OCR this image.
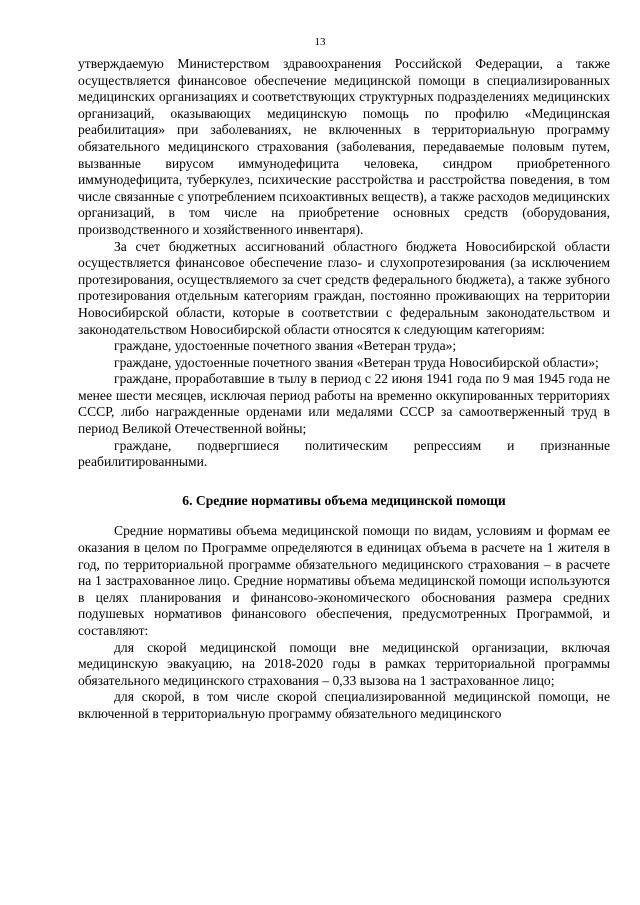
13

утверждаемую Министерством здравоохранения Российской Федерации, а также осуществляется финансовое обеспечение медицинской помощи в специализированных медицинских организациях и соответствующих структурных подразделениях медицинских организаций, оказывающих медицинскую помощь по профилю «Медицинская реабилитация» при заболеваниях, не включенных в территориальную программу обязательного медицинского страхования (заболевания, передаваемые половым путем, вызванные вирусом иммунодефицита человека, синдром приобретенного иммунодефицита, туберкулез, психические расстройства и расстройства поведения, в том числе связанные с употреблением психоактивных веществ), а также расходов медицинских организаций, в том числе на приобретение основных средств (оборудования, производственного и хозяйственного инвентаря).

За счет бюджетных ассигнований областного бюджета Новосибирской области осуществляется финансовое обеспечение глазо- и слухопротезирования (за исключением протезирования, осуществляемого за счет средств федерального бюджета), а также зубного протезирования отдельным категориям граждан, постоянно проживающих на территории Новосибирской области, которые в соответствии с федеральным законодательством и законодательством Новосибирской области относятся к следующим категориям:

граждане, удостоенные почетного звания «Ветеран труда»;

граждане, удостоенные почетного звания «Ветеран труда Новосибирской области»;

граждане, проработавшие в тылу в период с 22 июня 1941 года по 9 мая 1945 года не менее шести месяцев, исключая период работы на временно оккупированных территориях СССР, либо награжденные орденами или медалями СССР за самоотверженный труд в период Великой Отечественной войны;

граждане, подвергшиеся политическим репрессиям и признанные реабилитированными.

6. Средние нормативы объема медицинской помощи

Средние нормативы объема медицинской помощи по видам, условиям и формам ее оказания в целом по Программе определяются в единицах объема в расчете на 1 жителя в год, по территориальной программе обязательного медицинского страхования – в расчете на 1 застрахованное лицо. Средние нормативы объема медицинской помощи используются в целях планирования и финансово-экономического обоснования размера средних подушевых нормативов финансового обеспечения, предусмотренных Программой, и составляют:

для скорой медицинской помощи вне медицинской организации, включая медицинскую эвакуацию, на 2018-2020 годы в рамках территориальной программы обязательного медицинского страхования – 0,33 вызова на 1 застрахованное лицо;

для скорой, в том числе скорой специализированной медицинской помощи, не включенной в территориальную программу обязательного медицинского
